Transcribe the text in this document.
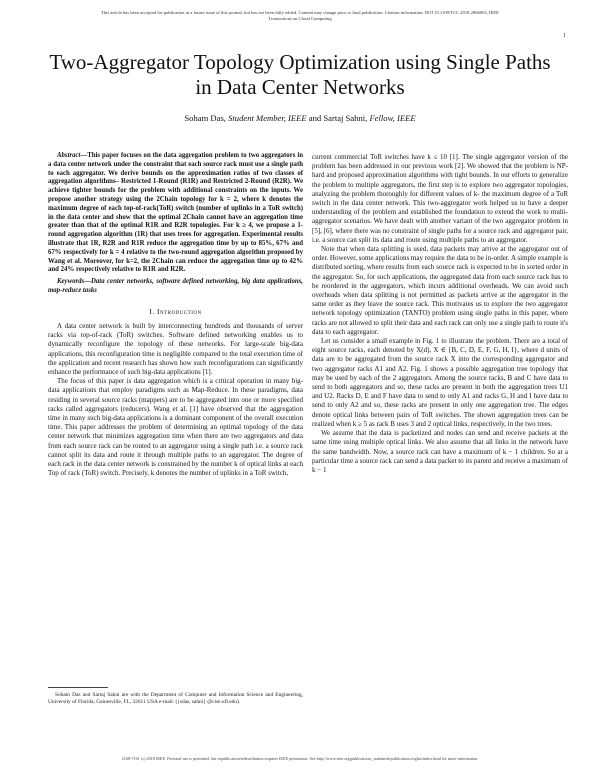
This article has been accepted for publication in a future issue of this journal, but has not been fully edited. Content may change prior to final publication. Citation information: DOI 10.1109/TCC.2018.2866003, IEEE
Transactions on Cloud Computing
1
Two-Aggregator Topology Optimization using Single Paths in Data Center Networks
Soham Das, Student Member, IEEE and Sartaj Sahni, Fellow, IEEE

Abstract—This paper focuses on the data aggregation problem to two aggregators in a data center network under the constraint that each source rack must use a single path to each aggregator. We derive bounds on the approximation ratios of two classes of aggregation algorithms– Restricted 1-Round (R1R) and Restricted 2-Round (R2R). We achieve tighter bounds for the problem with additional constraints on the inputs. We propose another strategy using the 2Chain topology for k = 2, where k denotes the maximum degree of each top-of-rack(ToR) switch (number of uplinks in a ToR switch) in the data center and show that the optimal 2Chain cannot have an aggregation time greater than that of the optimal R1R and R2R topologies. For k ≥ 4, we propose a 1-round aggregation algorithm (1R) that uses trees for aggregation. Experimental results illustrate that 1R, R2R and R1R reduce the aggregation time by up to 85%, 67% and 67% respectively for k = 4 relative to the two-round aggregation algorithm proposed by Wang et al. Moreover, for k=2, the 2Chain can reduce the aggregation time up to 42% and 24% respectively relative to R1R and R2R.

Keywords—Data center networks, software defined networking, big data applications, map-reduce tasks

I. Introduction

A data center network is built by interconnecting hundreds and thousands of server racks via top-of-rack (ToR) switches. Software defined networking enables us to dynamically reconfigure the topology of these networks. For large-scale big-data applications, this reconfiguration time is negligible compared to the total execution time of the application and recent research has shown how such reconfigurations can significantly enhance the performance of such big-data applications [1].

The focus of this paper is data aggregation which is a critical operation in many big-data applications that employ paradigms such as Map-Reduce. In these paradigms, data residing in several source racks (mappers) are to be aggregated into one or more specified racks called aggregators (reducers). Wang et al. [1] have observed that the aggregation time in many such big-data applications is a dominant component of the overall execution time. This paper addresses the problem of determining an optimal topology of the data center network that minimizes aggregation time when there are two aggregators and data from each source rack can be routed to an aggregator using a single path i.e. a source rack cannot split its data and route it through multiple paths to an aggregator. The degree of each rack in the data center network is constrained by the number k of optical links at each Top of rack (ToR) switch. Precisely, k denotes the number of uplinks in a ToR switch,

current commercial ToR switches have k ≤ 10 [1]. The single aggregator version of the problem has been addressed in our previous work [2]. We showed that the problem is NP-hard and proposed approximation algorithms with tight bounds. In our efforts to generalize the problem to multiple aggregators, the first step is to explore two aggregator topologies, analyzing the problem thoroughly for different values of k- the maximum degree of a ToR switch in the data center network. This two-aggregator work helped us to have a deeper understanding of the problem and established the foundation to extend the work to multi-aggregator scenarios. We have dealt with another variant of the two aggregator problem in [5], [6], where there was no constraint of single paths for a source rack and aggregator pair, i.e. a source can split its data and route using multiple paths to an aggregator.

Note that when data splitting is used, data packets may arrive at the aggregator out of order. However, some applications may require the data to be in-order. A simple example is distributed sorting, where results from each source rack is expected to be in sorted order in the aggregator. So, for such applications, the aggregated data from each source rack has to be reordered in the aggregators, which incurs additional overheads. We can avoid such overheads when data splitting is not permitted as packets arrive at the aggregator in the same order as they leave the source rack. This motivates us to explore the two aggregator network topology optimization (TANTO) problem using single paths in this paper, where racks are not allowed to split their data and each rack can only use a single path to route it's data to each aggregator.

Let us consider a small example in Fig. 1 to illustrate the problem. There are a total of eight source racks, each denoted by X(d), X ∈ {B, C, D, E, F, G, H, I}, where d units of data are to be aggregated from the source rack X into the corresponding aggregator and two aggregator racks A1 and A2. Fig. 1 shows a possible aggregation tree topology that may be used by each of the 2 aggregators. Among the source racks, B and C have data to send to both aggregators and so, these racks are present in both the aggregation trees U1 and U2. Racks D, E and F have data to send to only A1 and racks G, H and I have data to send to only A2 and so, these racks are present in only one aggregation tree. The edges denote optical links between pairs of ToR switches. The shown aggregation trees can be realized when k ≥ 5 as rack B uses 3 and 2 optical links, respectively, in the two trees.

We assume that the data is packetized and nodes can send and receive packets at the same time using multiple optical links. We also assume that all links in the network have the same bandwidth. Now, a source rack can have a maximum of k − 1 children. So at a particular time a source rack can send a data packet to its parent and receive a maximum of k − 1

Soham Das and Sartaj Sahni are with the Department of Computer and Information Science and Engineering, University of Florida, Gainesville, FL, 32611 USA e-mail: ({sdas, sahni} @cise.ufl.edu).
2168-7161 (c) 2018 IEEE. Personal use is permitted, but republication/redistribution requires IEEE permission. See http://www.ieee.org/publications_standards/publications/rights/index.html for more information.
